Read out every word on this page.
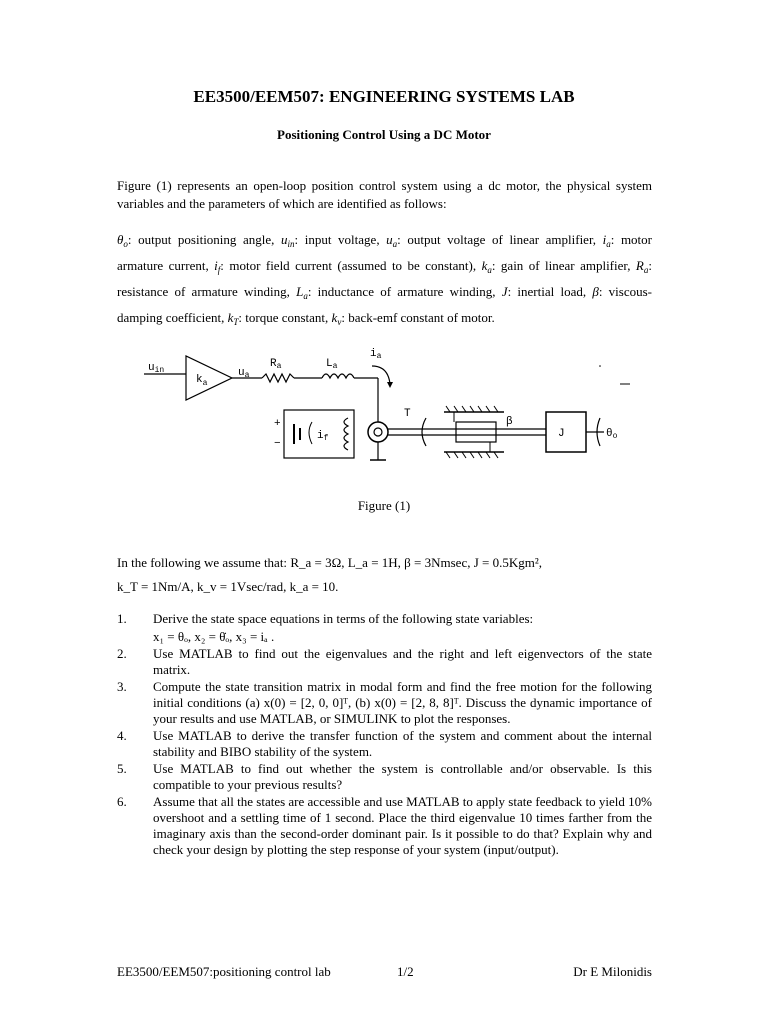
EE3500/EEM507: ENGINEERING SYSTEMS LAB
Positioning Control Using a DC Motor
Figure (1) represents an open-loop position control system using a dc motor, the physical system variables and the parameters of which are identified as follows:
$\theta_o$: output positioning angle, $u_{in}$: input voltage, $u_a$: output voltage of linear amplifier, $i_a$: motor armature current, $i_f$: motor field current (assumed to be constant), $k_a$: gain of linear amplifier, $R_a$: resistance of armature winding, $L_a$: inductance of armature winding, J: inertial load, β: viscous-damping coefficient, $k_T$: torque constant, $k_v$: back-emf constant of motor.
uin
$k_a$
ua
Ra	La
ia
+
−
if
T
β
J	θo
Figure (1)
In the following we assume that: R_a = 3Ω, L_a = 1H, β = 3Nmsec, J = 0.5Kgm²,
k_T = 1Nm/A, k_v = 1Vsec/rad, k_a = 10.
1. Derive the state space equations in terms of the following state variables:
x₁ = θₒ, x₂ = θ̇ₒ, x₃ = iₐ .
2. Use MATLAB to find out the eigenvalues and the right and left eigenvectors of the state matrix.
3. Compute the state transition matrix in modal form and find the free motion for the following initial conditions (a) x(0) = [2, 0, 0]ᵀ, (b) x(0) = [2, 8, 8]ᵀ. Discuss the dynamic importance of your results and use MATLAB, or SIMULINK to plot the responses.
4. Use MATLAB to derive the transfer function of the system and comment about the internal stability and BIBO stability of the system.
5. Use MATLAB to find out whether the system is controllable and/or observable. Is this compatible to your previous results?
6. Assume that all the states are accessible and use MATLAB to apply state feedback to yield 10% overshoot and a settling time of 1 second. Place the third eigenvalue 10 times farther from the imaginary axis than the second-order dominant pair. Is it possible to do that? Explain why and check your design by plotting the step response of your system (input/output).
EE3500/EEM507:positioning control lab	1/2	Dr E Milonidis
